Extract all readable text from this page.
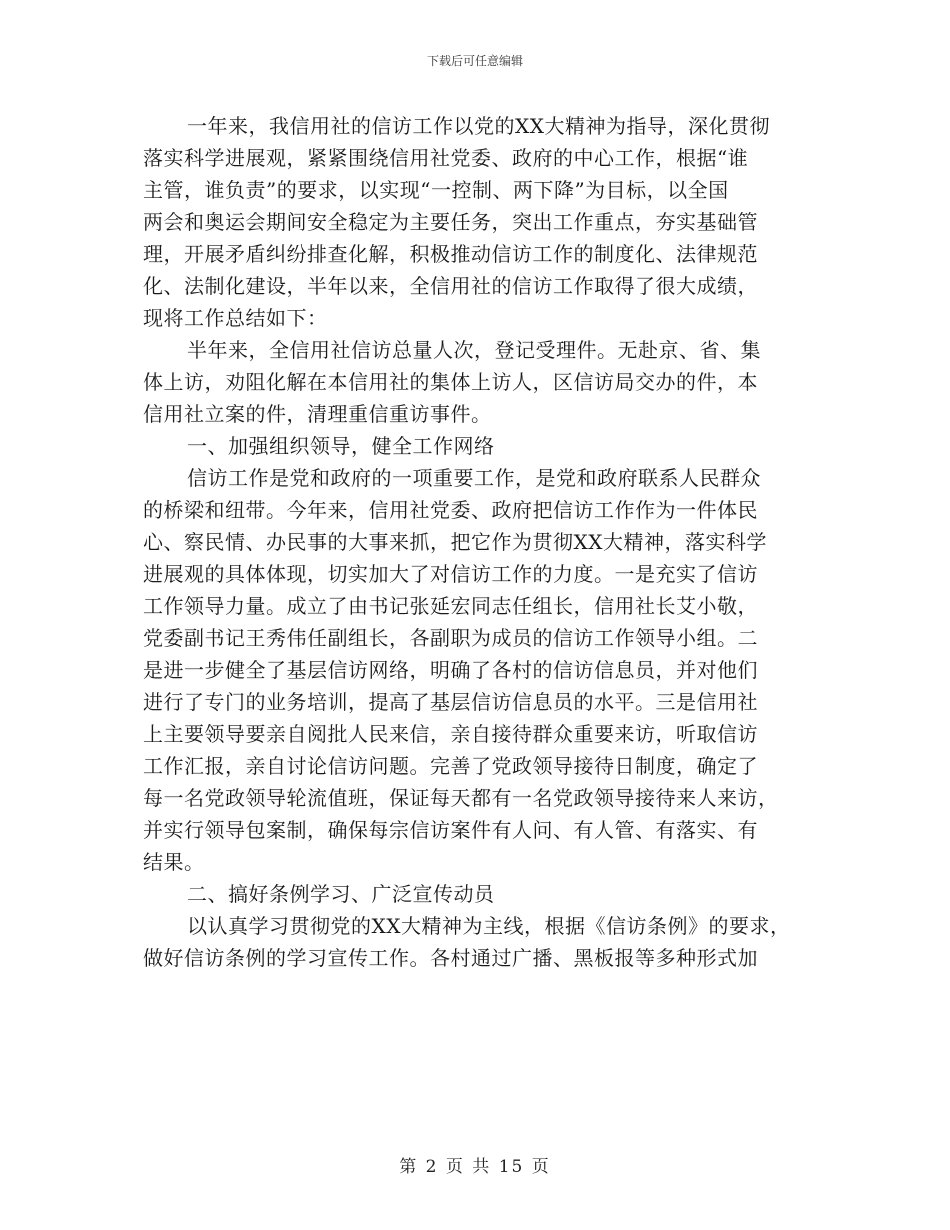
下载后可任意编辑
一年来，我信用社的信访工作以党的XX大精神为指导，深化贯彻
落实科学进展观，紧紧围绕信用社党委、政府的中心工作，根据“谁
主管，谁负责”的要求，以实现“一控制、两下降”为目标，以全国
两会和奥运会期间安全稳定为主要任务，突出工作重点，夯实基础管
理，开展矛盾纠纷排查化解，积极推动信访工作的制度化、法律规范
化、法制化建设，半年以来，全信用社的信访工作取得了很大成绩，
现将工作总结如下：
半年来，全信用社信访总量人次，登记受理件。无赴京、省、集
体上访，劝阻化解在本信用社的集体上访人，区信访局交办的件，本
信用社立案的件，清理重信重访事件。
一、加强组织领导，健全工作网络
信访工作是党和政府的一项重要工作，是党和政府联系人民群众
的桥梁和纽带。今年来，信用社党委、政府把信访工作作为一件体民
心、察民情、办民事的大事来抓，把它作为贯彻XX大精神，落实科学
进展观的具体体现，切实加大了对信访工作的力度。一是充实了信访
工作领导力量。成立了由书记张延宏同志任组长，信用社长艾小敬，
党委副书记王秀伟任副组长，各副职为成员的信访工作领导小组。二
是进一步健全了基层信访网络，明确了各村的信访信息员，并对他们
进行了专门的业务培训，提高了基层信访信息员的水平。三是信用社
上主要领导要亲自阅批人民来信，亲自接待群众重要来访，听取信访
工作汇报，亲自讨论信访问题。完善了党政领导接待日制度，确定了
每一名党政领导轮流值班，保证每天都有一名党政领导接待来人来访，
并实行领导包案制，确保每宗信访案件有人问、有人管、有落实、有
结果。
二、搞好条例学习、广泛宣传动员
以认真学习贯彻党的XX大精神为主线，根据《信访条例》的要求，
做好信访条例的学习宣传工作。各村通过广播、黑板报等多种形式加
第 2 页 共 15 页
